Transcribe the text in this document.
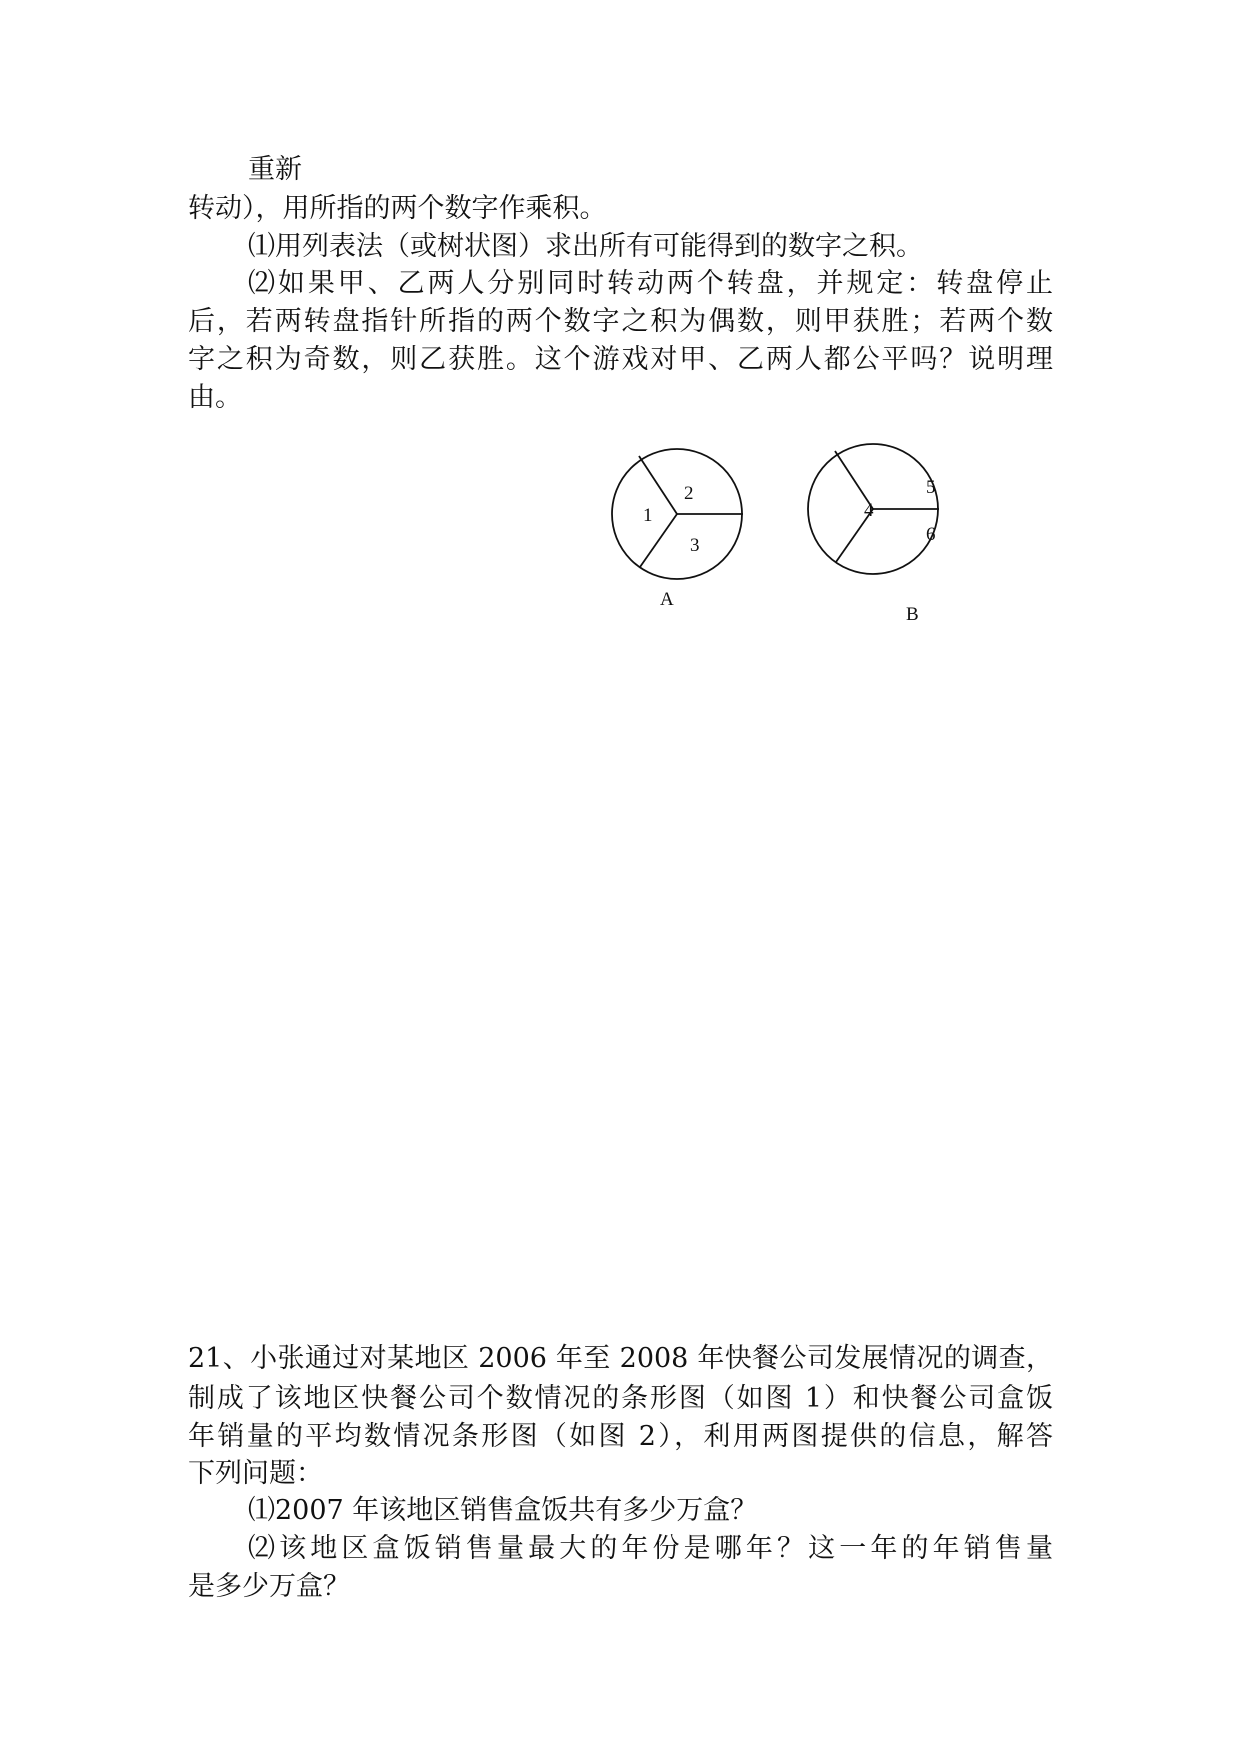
重新
转动），用所指的两个数字作乘积。
⑴用列表法（或树状图）求出所有可能得到的数字之积。
⑵如果甲、乙两人分别同时转动两个转盘，并规定：转盘停止
后，若两转盘指针所指的两个数字之积为偶数，则甲获胜；若两个数
字之积为奇数，则乙获胜。这个游戏对甲、乙两人都公平吗？说明理
由。
1
2
3
A
4
5
6
B
21、小张通过对某地区 2006 年至 2008 年快餐公司发展情况的调查，
制成了该地区快餐公司个数情况的条形图（如图 1）和快餐公司盒饭
年销量的平均数情况条形图（如图 2），利用两图提供的信息，解答
下列问题：
⑴2007 年该地区销售盒饭共有多少万盒？
⑵该地区盒饭销售量最大的年份是哪年？这一年的年销售量
是多少万盒？
